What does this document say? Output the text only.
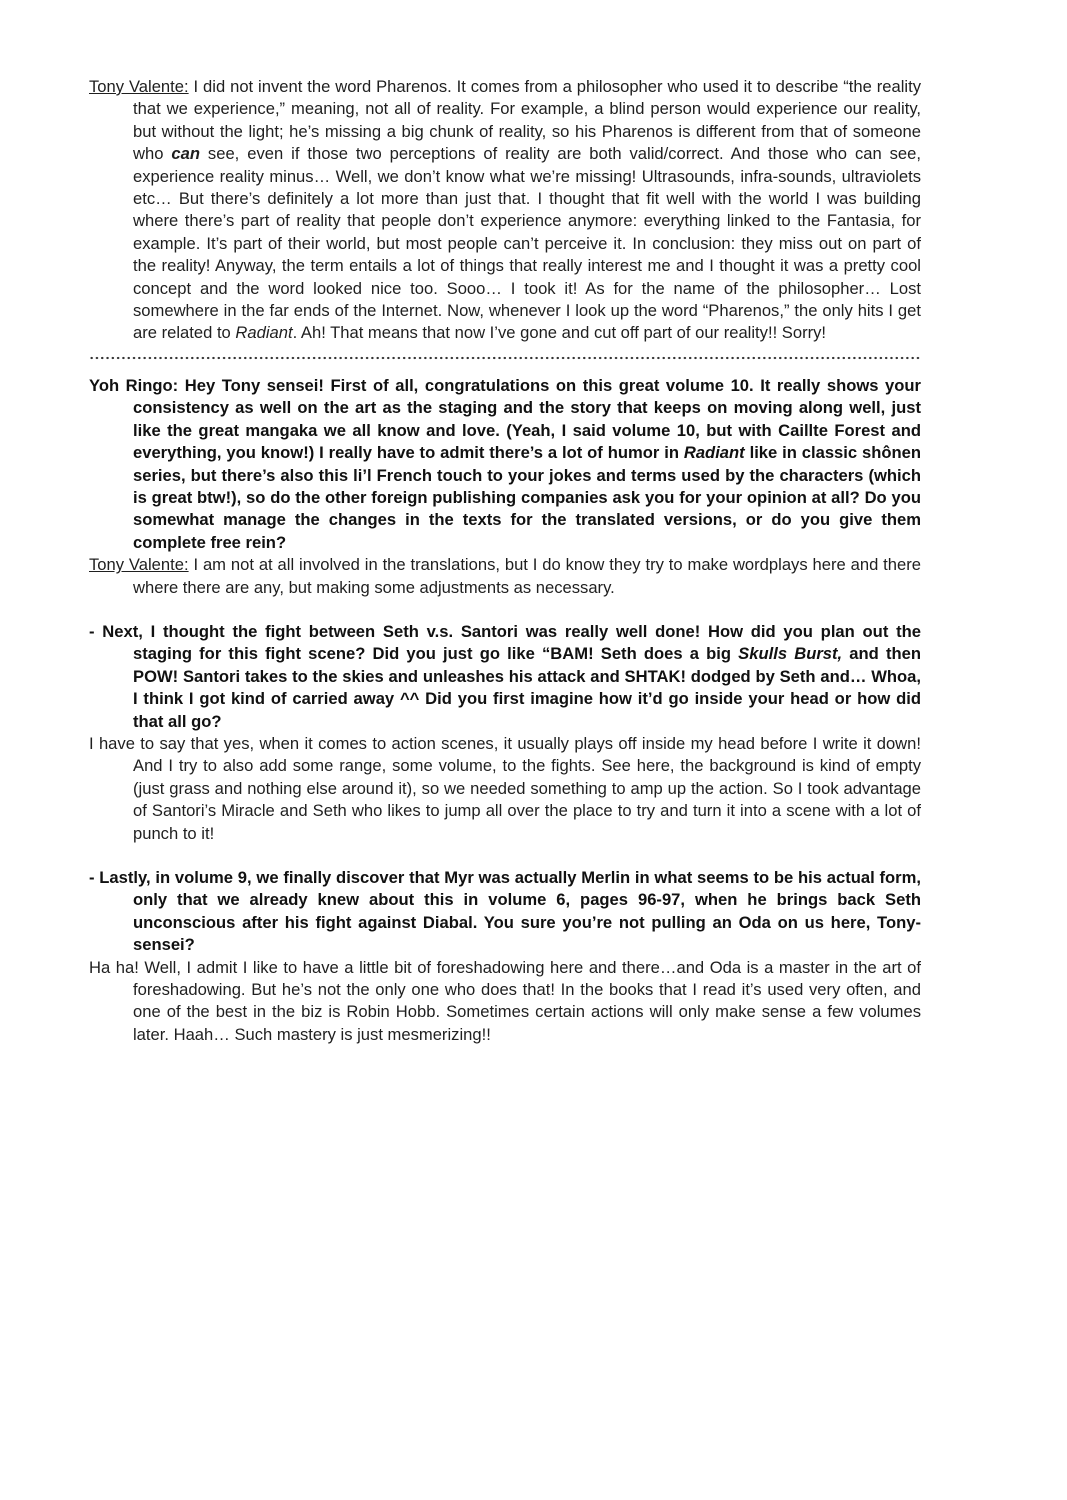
Tony Valente: I did not invent the word Pharenos. It comes from a philosopher who used it to describe “the reality that we experience,” meaning, not all of reality. For example, a blind person would experience our reality, but without the light; he’s missing a big chunk of reality, so his Pharenos is different from that of someone who can see, even if those two perceptions of reality are both valid/correct. And those who can see, experience reality minus… Well, we don’t know what we’re missing! Ultrasounds, infra-sounds, ultraviolets etc… But there’s definitely a lot more than just that. I thought that fit well with the world I was building where there’s part of reality that people don’t experience anymore: everything linked to the Fantasia, for example. It’s part of their world, but most people can’t perceive it. In conclusion: they miss out on part of the reality! Anyway, the term entails a lot of things that really interest me and I thought it was a pretty cool concept and the word looked nice too. Sooo… I took it! As for the name of the philosopher… Lost somewhere in the far ends of the Internet. Now, whenever I look up the word “Pharenos,” the only hits I get are related to Radiant. Ah! That means that now I’ve gone and cut off part of our reality!! Sorry!

Yoh Ringo: Hey Tony sensei! First of all, congratulations on this great volume 10. It really shows your consistency as well on the art as the staging and the story that keeps on moving along well, just like the great mangaka we all know and love. (Yeah, I said volume 10, but with Caillte Forest and everything, you know!) I really have to admit there’s a lot of humor in Radiant like in classic shônen series, but there’s also this li’l French touch to your jokes and terms used by the characters (which is great btw!), so do the other foreign publishing companies ask you for your opinion at all? Do you somewhat manage the changes in the texts for the translated versions, or do you give them complete free rein?

Tony Valente: I am not at all involved in the translations, but I do know they try to make wordplays here and there where there are any, but making some adjustments as necessary.

- Next, I thought the fight between Seth v.s. Santori was really well done! How did you plan out the staging for this fight scene? Did you just go like “BAM! Seth does a big Skulls Burst, and then POW! Santori takes to the skies and unleashes his attack and SHTAK! dodged by Seth and… Whoa, I think I got kind of carried away ^^ Did you first imagine how it’d go inside your head or how did that all go?

I have to say that yes, when it comes to action scenes, it usually plays off inside my head before I write it down! And I try to also add some range, some volume, to the fights. See here, the background is kind of empty (just grass and nothing else around it), so we needed something to amp up the action. So I took advantage of Santori’s Miracle and Seth who likes to jump all over the place to try and turn it into a scene with a lot of punch to it!

- Lastly, in volume 9, we finally discover that Myr was actually Merlin in what seems to be his actual form, only that we already knew about this in volume 6, pages 96-97, when he brings back Seth unconscious after his fight against Diabal. You sure you’re not pulling an Oda on us here, Tony-sensei?

Ha ha! Well, I admit I like to have a little bit of foreshadowing here and there…and Oda is a master in the art of foreshadowing. But he’s not the only one who does that! In the books that I read it’s used very often, and one of the best in the biz is Robin Hobb. Sometimes certain actions will only make sense a few volumes later. Haah… Such mastery is just mesmerizing!!
